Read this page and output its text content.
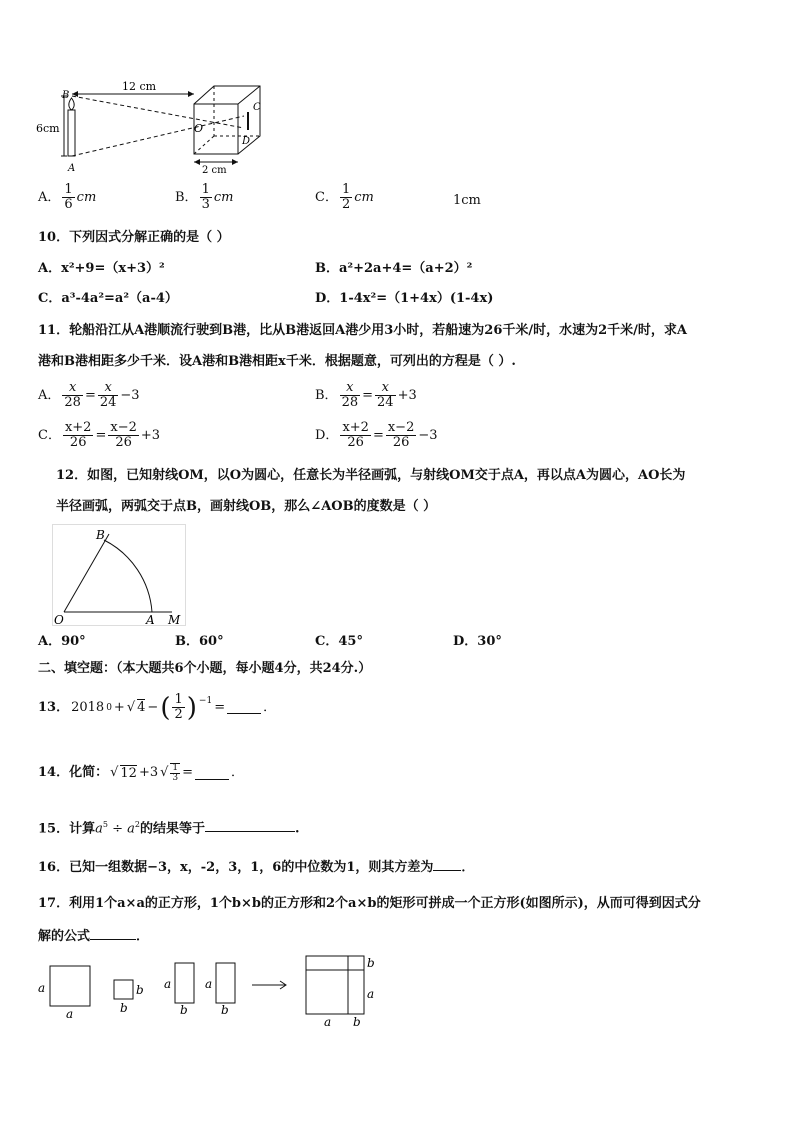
12 cm
6cm
2 cm
B
A
O
C
D
A． $\frac{1}{6}$ cm	B． $\frac{1}{3}$ cm	C． $\frac{1}{2}$ cm	1cm
10．下列因式分解正确的是（ ）
A．x²+9=（x+3）²	B．a²+2a+4=（a+2）²
C．a³-4a²=a²（a-4）	D．1-4x²=（1+4x）(1-4x)
11．轮船沿江从A港顺流行驶到B港，比从B港返回A港少用3小时，若船速为26千米/时，水速为2千米/时，求A
港和B港相距多少千米．设A港和B港相距x千米．根据题意，可列出的方程是（ ）.
A． $\frac{x}{28} = \frac{x}{24} -3$	B． $\frac{x}{28} = \frac{x}{24} +3$
C． $\frac{x+2}{26} = \frac{x-2}{26} +3$	D． $\frac{x+2}{26} = \frac{x-2}{26} -3$
12．如图，已知射线OM，以O为圆心，任意长为半径画弧，与射线OM交于点A，再以点A为圆心，AO长为
半径画弧，两弧交于点B，画射线OB，那么∠AOB的度数是（ ）
B
O	A M
A．90°	B．60°	C．45°	D．30°
二、填空题：（本大题共6个小题，每小题4分，共24分.）
13． 2018 0 + √ 4 − ( $\frac{1}{2} )^{-1}$ =	．
14．化简： √ 12 +3 √ $\frac{1}{3}$ =	．
15．计算$a^5 \div a^2$的结果等于	.
16．已知一组数据−3，x，-2，3，1，6的中位数为1，则其方差为 ．
17．利用1个a×a的正方形，1个b×b的正方形和2个a×b的矩形可拼成一个正方形(如图所示)，从而可得到因式分
解的公式	．
a
a
b
b
a
b
a
b
b
a
a b
